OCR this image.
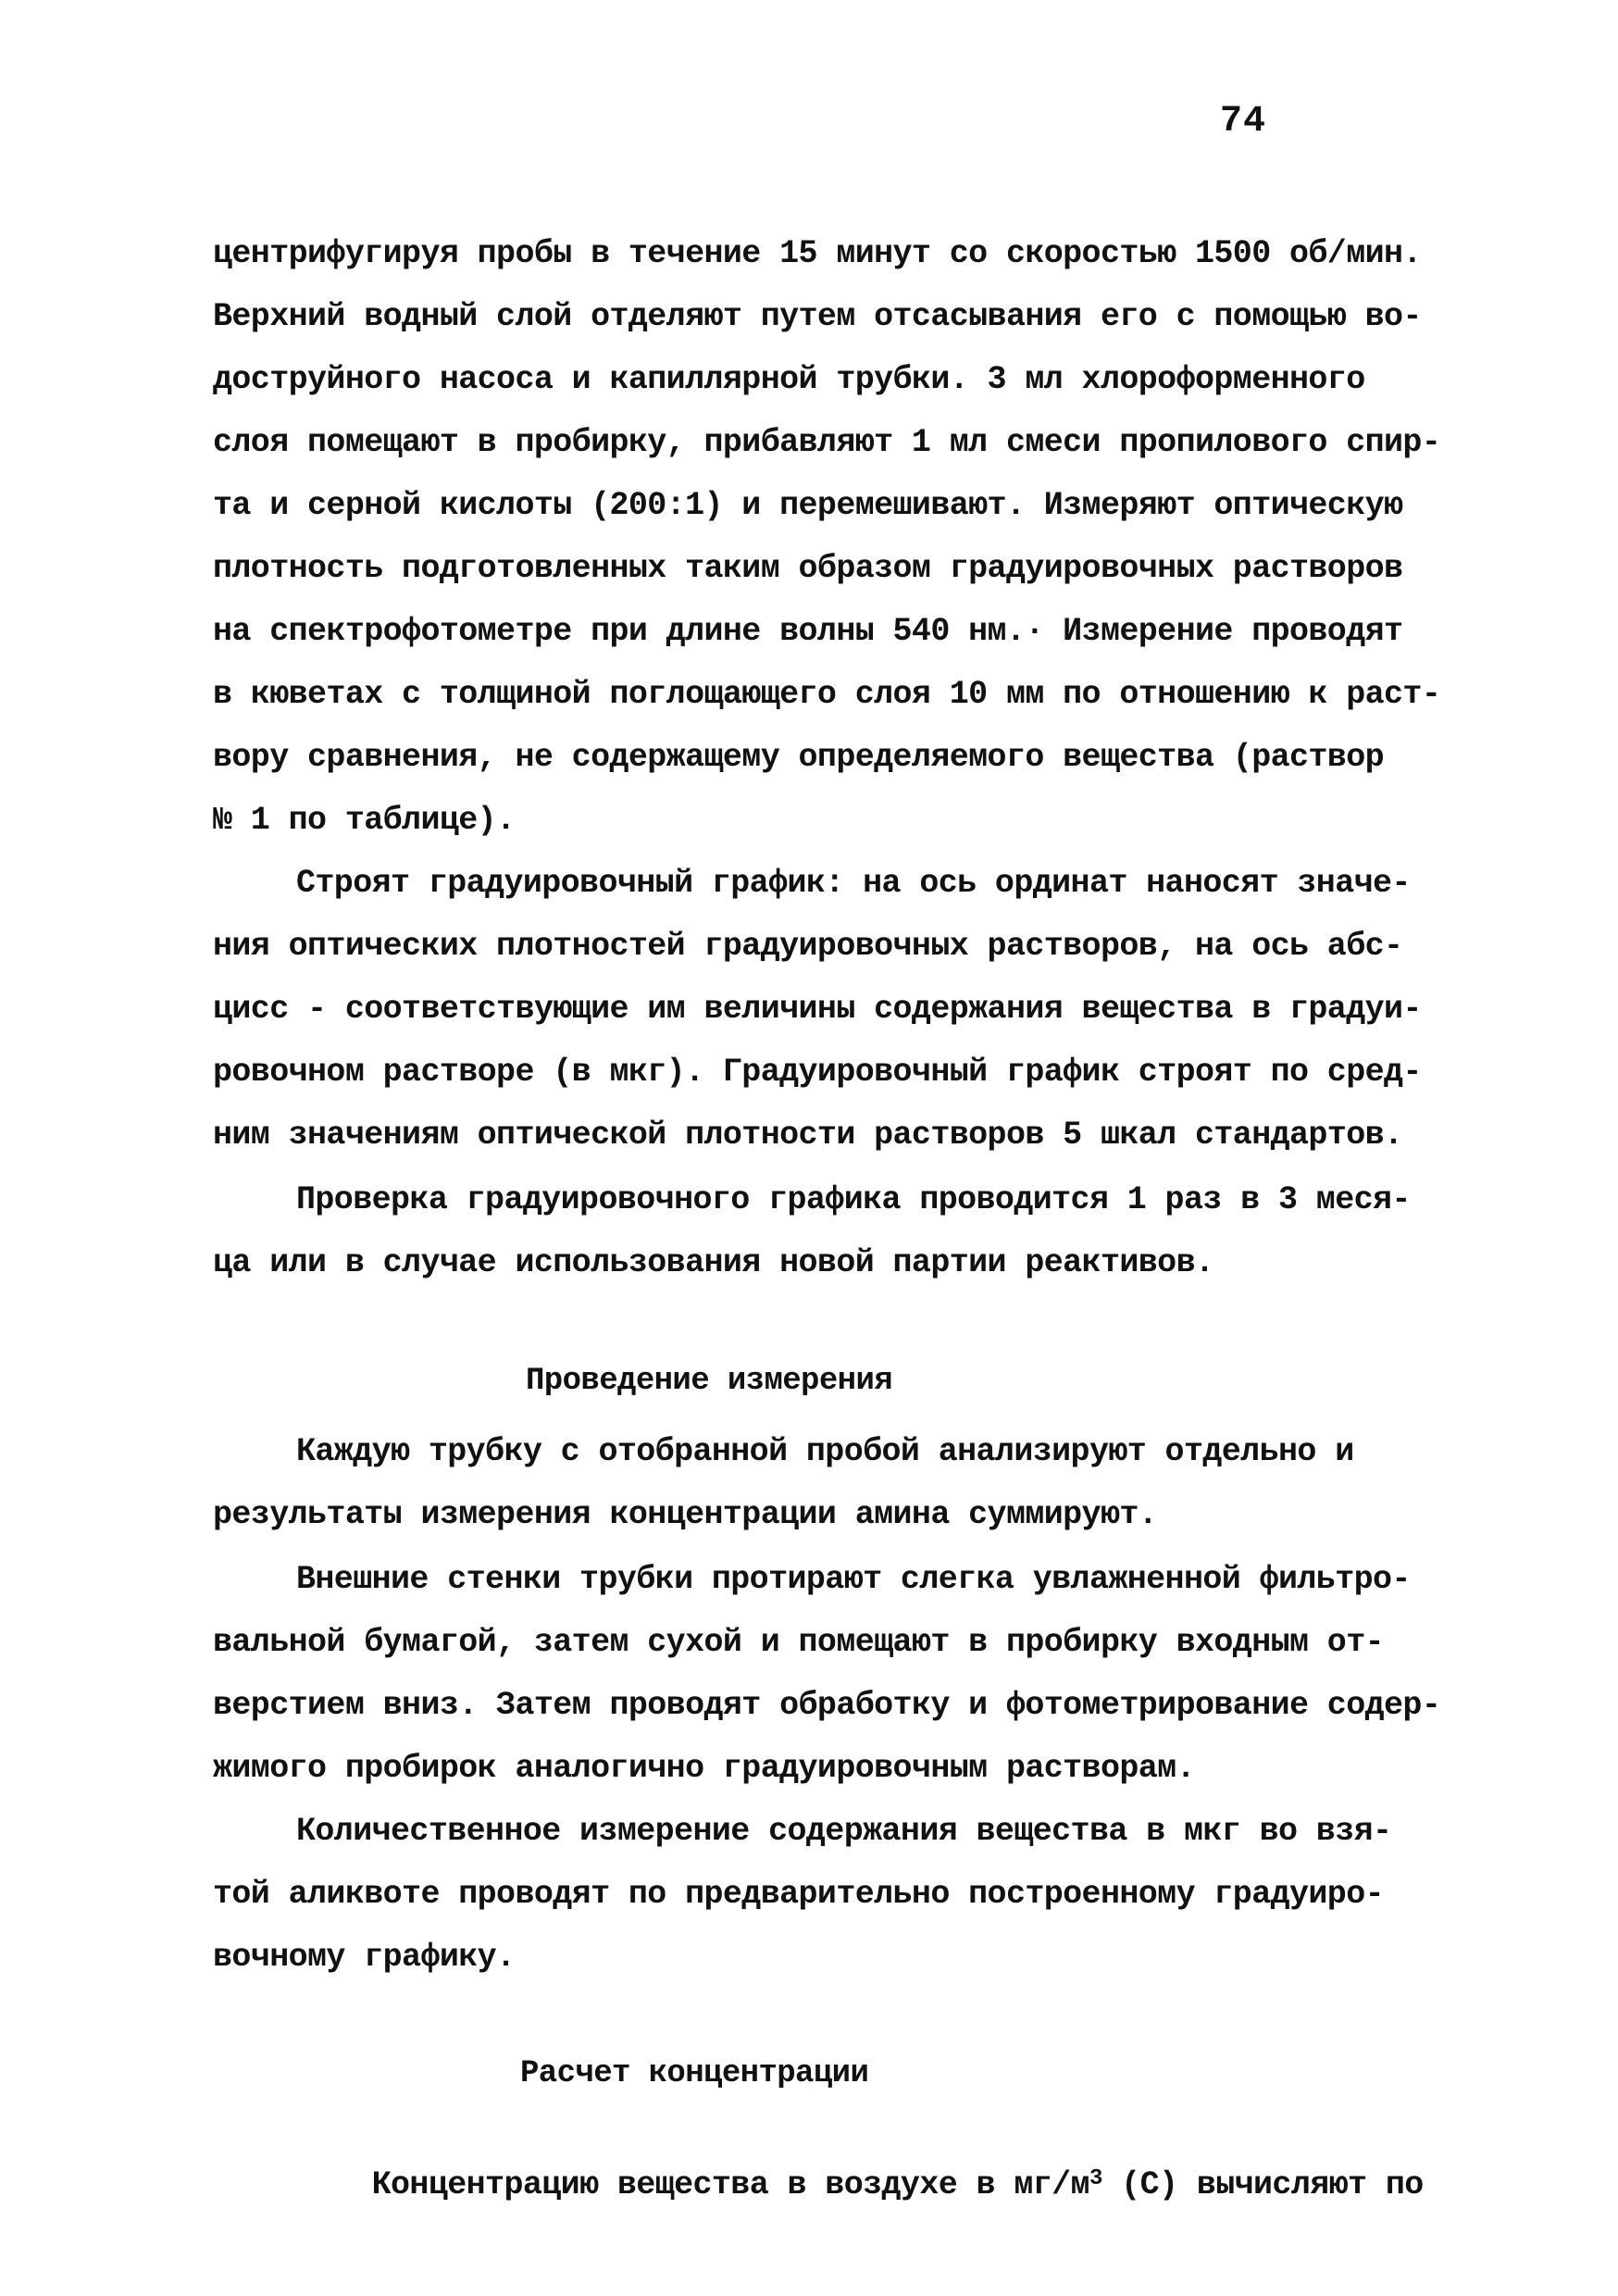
74
центрифугируя пробы в течение 15 минут со скоростью 1500 об/мин.
Верхний водный слой отделяют путем отсасывания его с помощью во-
доструйного насоса и капиллярной трубки. 3 мл хлороформенного
слоя помещают в пробирку, прибавляют 1 мл смеси пропилового спир-
та и серной кислоты (200:1) и перемешивают. Измеряют оптическую
плотность подготовленных таким образом градуировочных растворов
на спектрофотометре при длине волны 540 нм.· Измерение проводят
в кюветах с толщиной поглощающего слоя 10 мм по отношению к раст-
вору сравнения, не содержащему определяемого вещества (раствор
№ 1 по таблице).
Строят градуировочный график: на ось ординат наносят значе-
ния оптических плотностей градуировочных растворов, на ось абс-
цисс - соответствующие им величины содержания вещества в градуи-
ровочном растворе (в мкг). Градуировочный график строят по сред-
ним значениям оптической плотности растворов 5 шкал стандартов.
Проверка градуировочного графика проводится 1 раз в 3 меся-
ца или в случае использования новой партии реактивов.
Проведение измерения
Каждую трубку с отобранной пробой анализируют отдельно и
результаты измерения концентрации амина суммируют.
Внешние стенки трубки протирают слегка увлажненной фильтро-
вальной бумагой, затем сухой и помещают в пробирку входным от-
верстием вниз. Затем проводят обработку и фотометрирование содер-
жимого пробирок аналогично градуировочным растворам.
Количественное измерение содержания вещества в мкг во взя-
той аликвоте проводят по предварительно построенному градуиро-
вочному графику.
Расчет концентрации

Концентрацию вещества в воздухе в $мг/м^3$ (С) вычисляют по
